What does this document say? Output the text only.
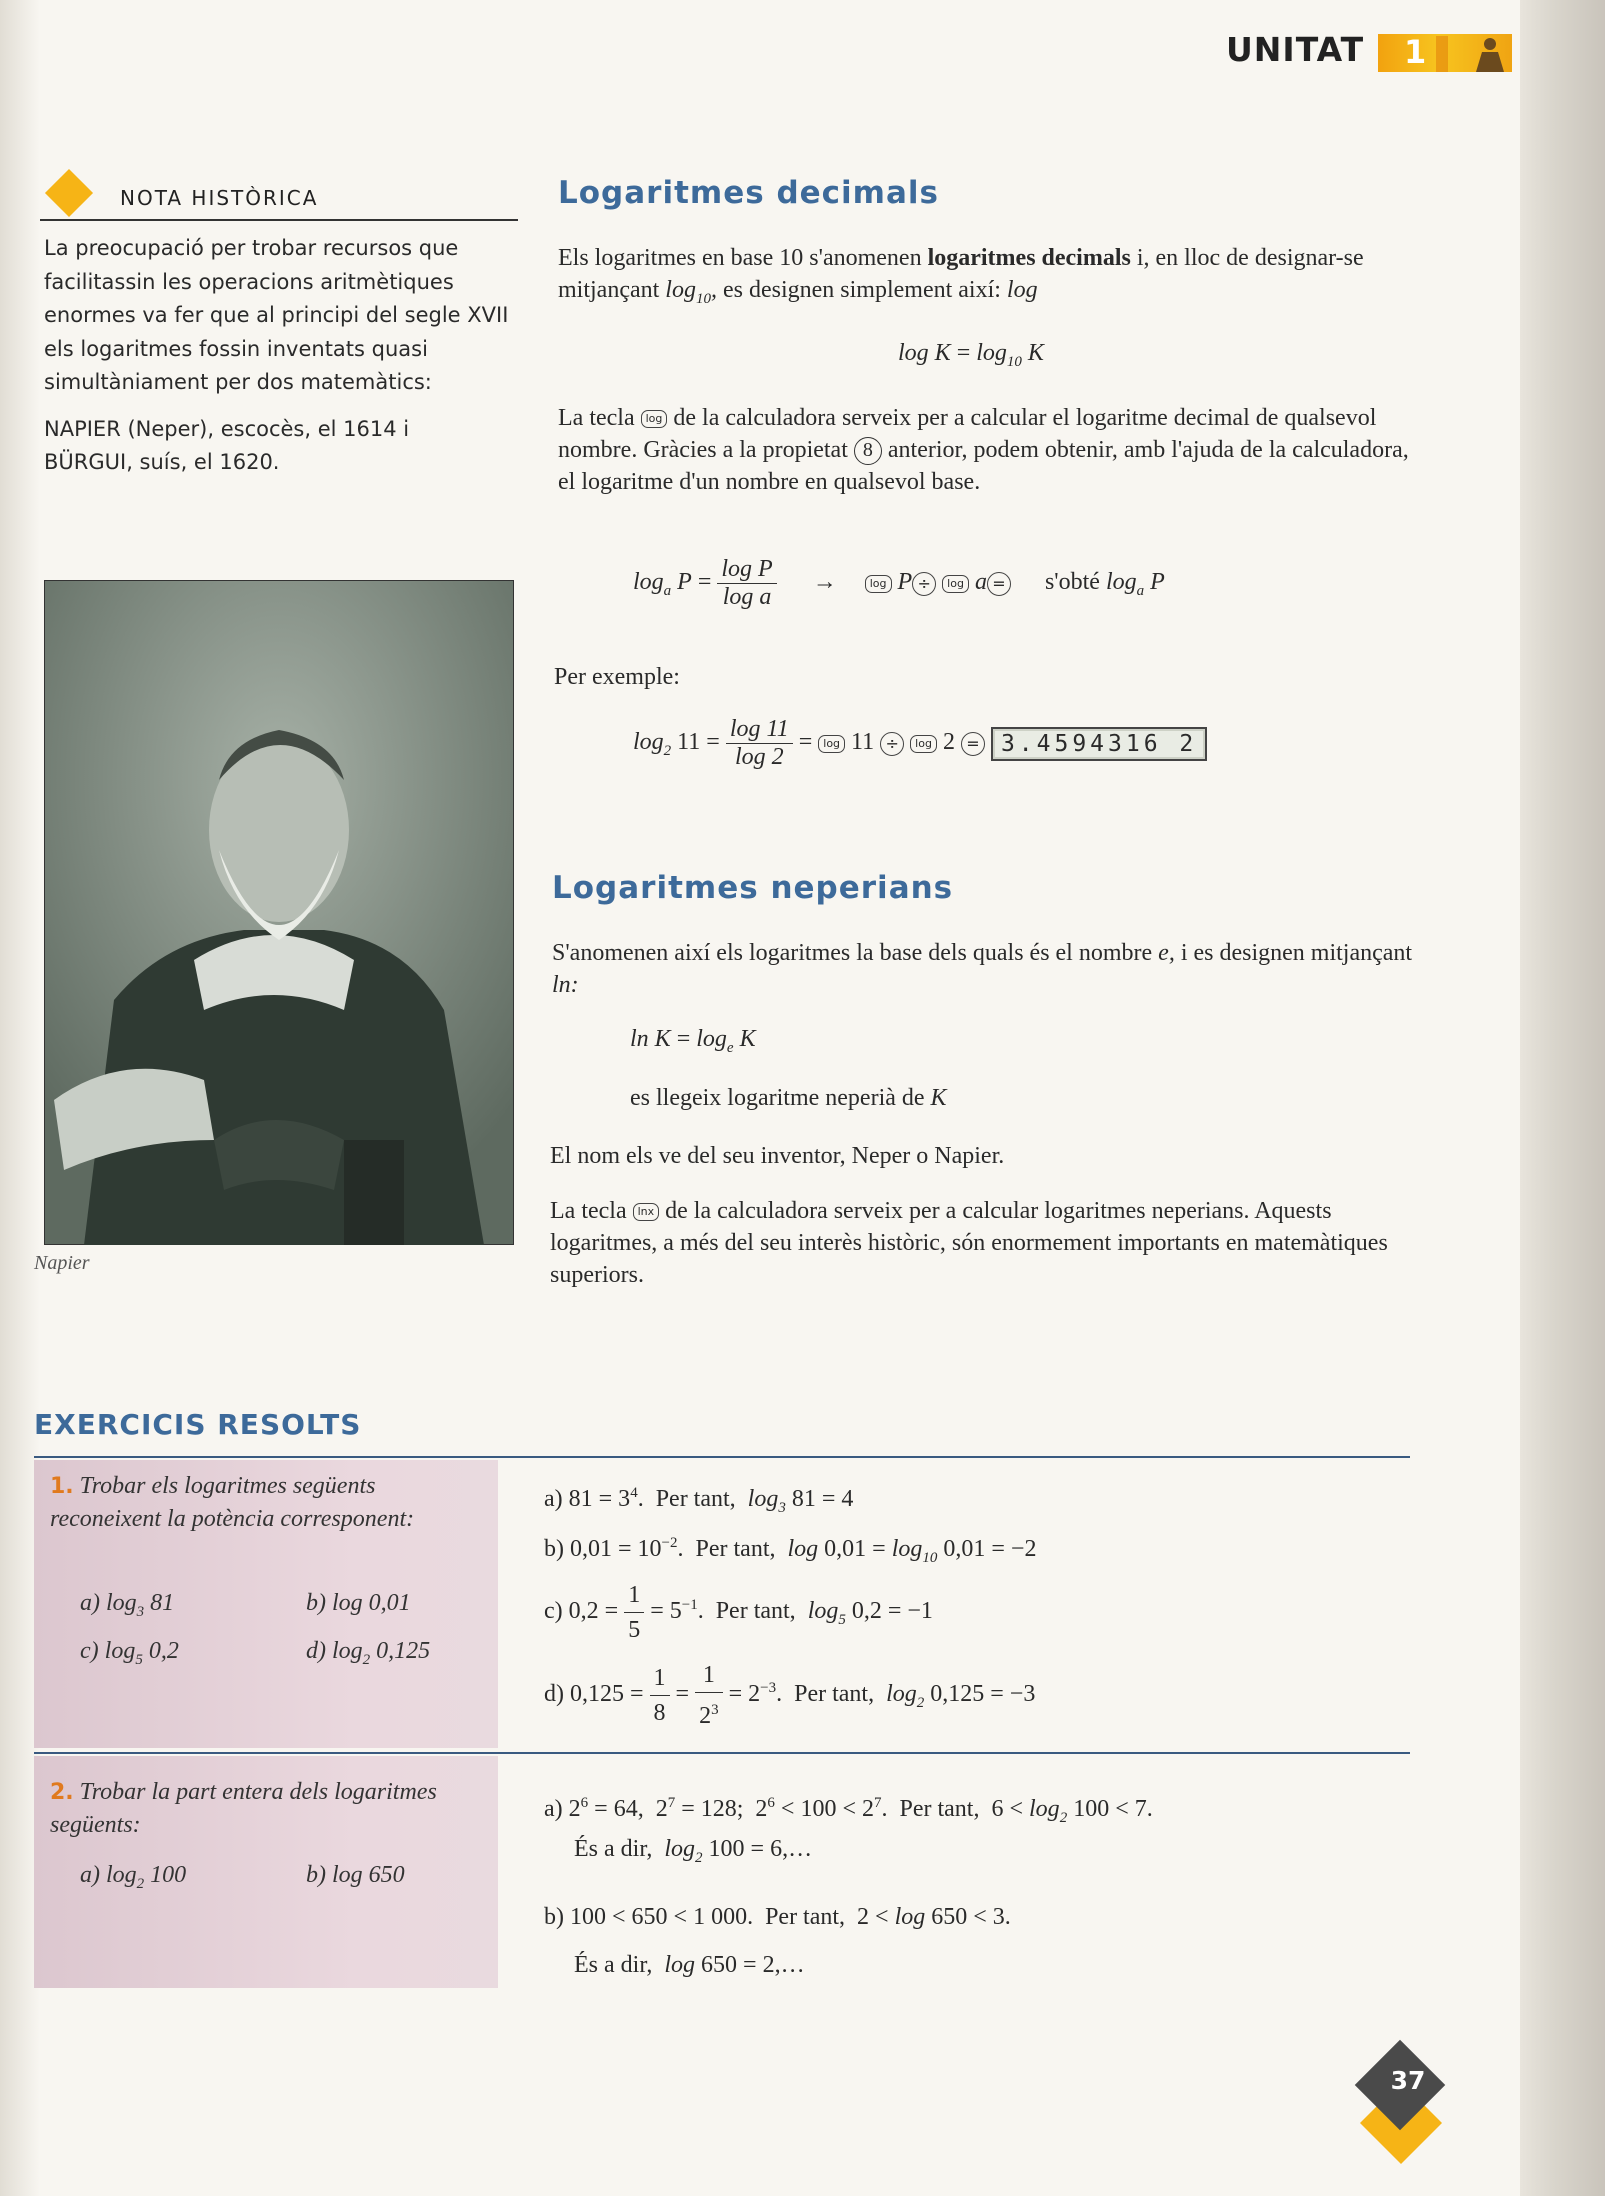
UNITAT 1
NOTA HISTÒRICA

La preocupació per trobar recursos que facilitassin les operacions aritmètiques enormes va fer que al principi del segle XVII els logaritmes fossin inventats quasi simultàniament per dos matemàtics:

NAPIER (Neper), escocès, el 1614 i

BÜRGUI, suís, el 1620.

Napier
Logaritmes decimals

Els logaritmes en base 10 s'anomenen logaritmes decimals i, en lloc de designar-se mitjançant $\log_{10}$, es designen simplement així: log

$\log K = \log_{10} K$

La tecla log de la calculadora serveix per a calcular el logaritme decimal de qualsevol nombre. Gràcies a la propietat 8 anterior, podem obtenir, amb l'ajuda de la calculadora, el logaritme d'un nombre en qualsevol base.

$\log_a P = \frac{\text{log P}}{\text{log a}}$ →	log P ÷ log a = s'obté $\log_a P$
Per exemple:
$\log_2 11 = \frac{\log 11}{\log 2} = \log 11 \div \log 2 = 3.4594316$ 2
Logaritmes neperians

S'anomenen així els logaritmes la base dels quals és el nombre e, i es designen mitjançant ln:

$\ln K = \log_e K$
es llegeix logaritme neperià de K
El nom els ve del seu inventor, Neper o Napier.

La tecla lnx de la calculadora serveix per a calcular logaritmes neperians. Aquests logaritmes, a més del seu interès històric, són enormement importants en matemàtiques superiors.

EXERCICIS RESOLTS
1. Trobar els logaritmes següents reconeixent la potència corresponent:
a) $\log_3 81$	b) log 0,01
c) $\log_5 0,2$	d) $\log_2 0,125$
a) $81 = 3^4$.  Per tant, $\log_3 81 = 4$
b) $0,01 = 10^{-2}$.  Per tant, $\log 0,01 = \log_{10} 0,01 = -2$
c) $0,2 = \frac{1}{5} = 5^{-1}$.  Per tant, $\log_5 0,2 = -1$
d) $0,125 = \frac{1}{8} = \frac{1}{2^3} = 2^{-3}$.  Per tant, $\log_2 0,125 = -3$
2. Trobar la part entera dels logaritmes següents:
a) $\log_2 100$	b) log 650
a) $2^6 = 64$,  $2^7 = 128$;  $2^6 < 100 < 2^7$.  Per tant,  $6 < \log_2 100 < 7$.
És a dir, $\log_2 100$ = 6,…
b) 100 < 650 < 1 000. Per tant,  2 < log 650 < 3.
És a dir, log 650 = 2,…
37
